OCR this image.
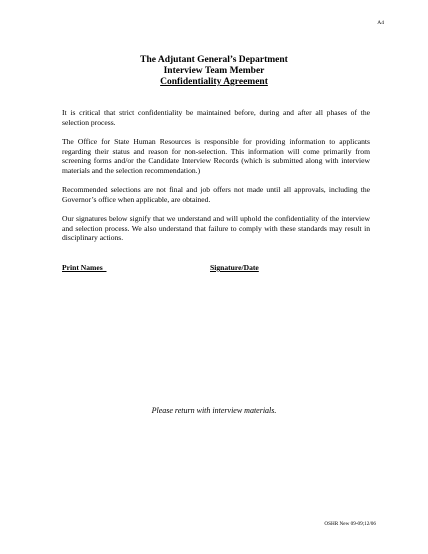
A4
The Adjutant General’s Department
Interview Team Member
Confidentiality Agreement
It is critical that strict confidentiality be maintained before, during and after all phases of the selection process.
The Office for State Human Resources is responsible for providing information to applicants regarding their status and reason for non-selection. This information will come primarily from screening forms and/or the Candidate Interview Records (which is submitted along with interview materials and the selection recommendation.)
Recommended selections are not final and job offers not made until all approvals, including the Governor’s office when applicable, are obtained.
Our signatures below signify that we understand and will uphold the confidentiality of the interview and selection process. We also understand that failure to comply with these standards may result in disciplinary actions.
Print Names	Signature/Date
Please return with interview materials.
OSHR New 09-09;12/06
